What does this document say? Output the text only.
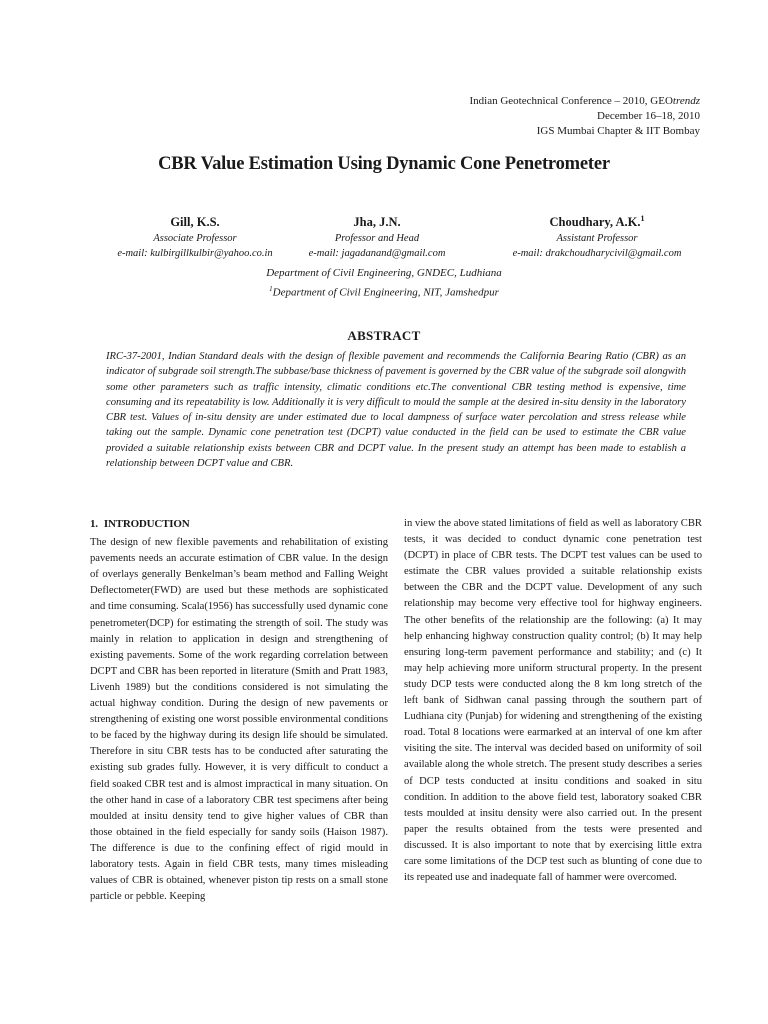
Indian Geotechnical Conference – 2010, GEOtrendz
December 16–18, 2010
IGS Mumbai Chapter & IIT Bombay
CBR Value Estimation Using Dynamic Cone Penetrometer
Gill, K.S.
Associate Professor
e-mail: kulbirgillkulbir@yahoo.co.in
Jha, J.N.
Professor and Head
e-mail: jagadanand@gmail.com
Choudhary, A.K.$^1$
Assistant Professor
e-mail: drakchoudharycivil@gmail.com
Department of Civil Engineering, GNDEC, Ludhiana
$^1$Department of Civil Engineering, NIT, Jamshedpur
ABSTRACT
IRC-37-2001, Indian Standard deals with the design of flexible pavement and recommends the California Bearing Ratio (CBR) as an indicator of subgrade soil strength.The subbase/base thickness of pavement is governed by the CBR value of the subgrade soil alongwith some other parameters such as traffic intensity, climatic conditions etc.The conventional CBR testing method is expensive, time consuming and its repeatability is low. Additionally it is very difficult to mould the sample at the desired in-situ density in the laboratory CBR test. Values of in-situ density are under estimated due to local dampness of surface water percolation and stress release while taking out the sample. Dynamic cone penetration test (DCPT) value conducted in the field can be used to estimate the CBR value provided a suitable relationship exists between CBR and DCPT value. In the present study an attempt has been made to establish a relationship between DCPT value and CBR.
1. INTRODUCTION

The design of new flexible pavements and rehabilitation of existing pavements needs an accurate estimation of CBR value. In the design of overlays generally Benkelman’s beam method and Falling Weight Deflectometer(FWD) are used but these methods are sophisticated and time consuming. Scala(1956) has successfully used dynamic cone penetrometer(DCP) for estimating the strength of soil. The study was mainly in relation to application in design and strengthening of existing pavements. Some of the work regarding correlation between DCPT and CBR has been reported in literature (Smith and Pratt 1983, Livenh 1989) but the conditions considered is not simulating the actual highway condition. During the design of new pavements or strengthening of existing one worst possible environmental conditions to be faced by the highway during its design life should be simulated. Therefore in situ CBR tests has to be conducted after saturating the existing sub grades fully. However, it is very difficult to conduct a field soaked CBR test and is almost impractical in many situation. On the other hand in case of a laboratory CBR test specimens after being moulded at insitu density tend to give higher values of CBR than those obtained in the field especially for sandy soils (Haison 1987). The difference is due to the confining effect of rigid mould in laboratory tests. Again in field CBR tests, many times misleading values of CBR is obtained, whenever piston tip rests on a small stone particle or pebble. Keeping

in view the above stated limitations of field as well as laboratory CBR tests, it was decided to conduct dynamic cone penetration test (DCPT) in place of CBR tests. The DCPT test values can be used to estimate the CBR values provided a suitable relationship exists between the CBR and the DCPT value. Development of any such relationship may become very effective tool for highway engineers. The other benefits of the relationship are the following: (a) It may help enhancing highway construction quality control; (b) It may help ensuring long-term pavement performance and stability; and (c) It may help achieving more uniform structural property. In the present study DCP tests were conducted along the 8 km long stretch of the left bank of Sidhwan canal passing through the southern part of Ludhiana city (Punjab) for widening and strengthening of the existing road. Total 8 locations were earmarked at an interval of one km after visiting the site. The interval was decided based on uniformity of soil available along the whole stretch. The present study describes a series of DCP tests conducted at insitu conditions and soaked in situ condition. In addition to the above field test, laboratory soaked CBR tests moulded at insitu density were also carried out. In the present paper the results obtained from the tests were presented and discussed. It is also important to note that by exercising little extra care some limitations of the DCP test such as blunting of cone due to its repeated use and inadequate fall of hammer were overcomed.
